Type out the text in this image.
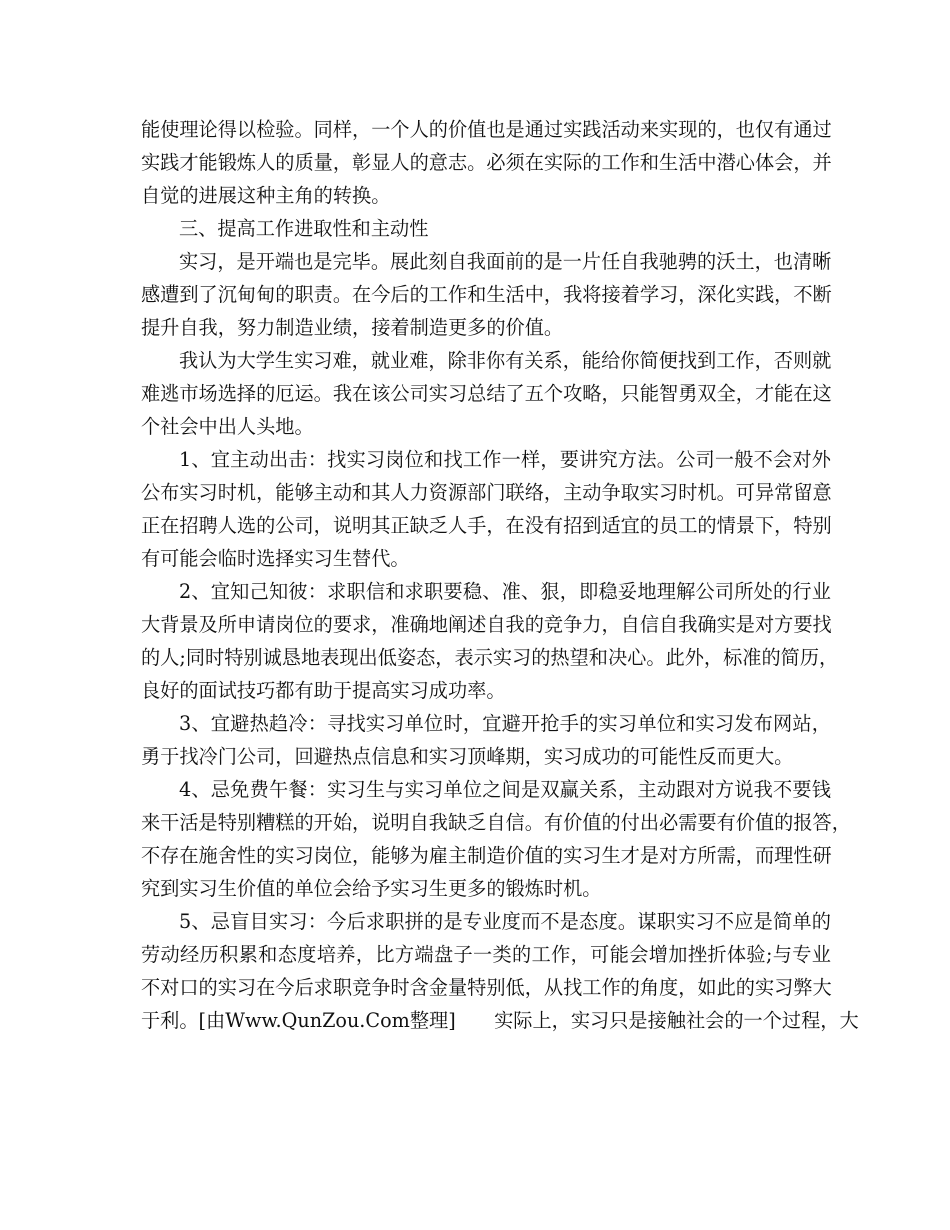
能使理论得以检验。同样，一个人的价值也是通过实践活动来实现的，也仅有通过
实践才能锻炼人的质量，彰显人的意志。必须在实际的工作和生活中潜心体会，并
自觉的进展这种主角的转换。
三、提高工作进取性和主动性
实习，是开端也是完毕。展此刻自我面前的是一片任自我驰骋的沃土，也清晰
感遭到了沉甸甸的职责。在今后的工作和生活中，我将接着学习，深化实践，不断
提升自我，努力制造业绩，接着制造更多的价值。
我认为大学生实习难，就业难，除非你有关系，能给你简便找到工作，否则就
难逃市场选择的厄运。我在该公司实习总结了五个攻略，只能智勇双全，才能在这
个社会中出人头地。
1、宜主动出击：找实习岗位和找工作一样，要讲究方法。公司一般不会对外
公布实习时机，能够主动和其人力资源部门联络，主动争取实习时机。可异常留意
正在招聘人选的公司，说明其正缺乏人手，在没有招到适宜的员工的情景下，特别
有可能会临时选择实习生替代。
2、宜知己知彼：求职信和求职要稳、准、狠，即稳妥地理解公司所处的行业
大背景及所申请岗位的要求，准确地阐述自我的竞争力，自信自我确实是对方要找
的人;同时特别诚恳地表现出低姿态，表示实习的热望和决心。此外，标准的简历，
良好的面试技巧都有助于提高实习成功率。
3、宜避热趋冷：寻找实习单位时，宜避开抢手的实习单位和实习发布网站，
勇于找冷门公司，回避热点信息和实习顶峰期，实习成功的可能性反而更大。
4、忌免费午餐：实习生与实习单位之间是双赢关系，主动跟对方说我不要钱
来干活是特别糟糕的开始，说明自我缺乏自信。有价值的付出必需要有价值的报答，
不存在施舍性的实习岗位，能够为雇主制造价值的实习生才是对方所需，而理性研
究到实习生价值的单位会给予实习生更多的锻炼时机。
5、忌盲目实习：今后求职拼的是专业度而不是态度。谋职实习不应是简单的
劳动经历积累和态度培养，比方端盘子一类的工作，可能会增加挫折体验;与专业
不对口的实习在今后求职竞争时含金量特别低，从找工作的角度，如此的实习弊大
于利。[由Www.QunZou.Com整理]　　实际上，实习只是接触社会的一个过程，大
